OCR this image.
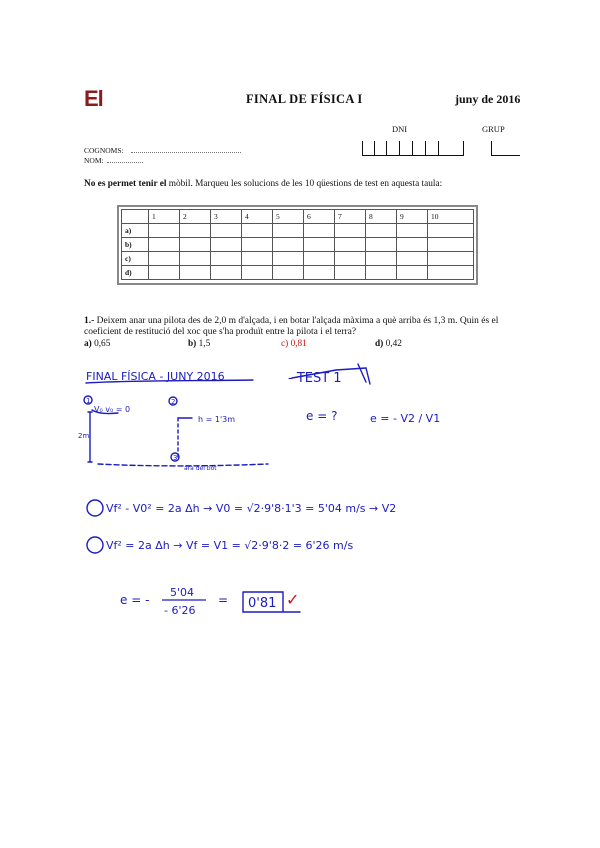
El	FINAL DE FÍSICA I	juny de 2016
DNI	GRUP
COGNOMS:
NOM:
No es permet tenir el mòbil. Marqueu les solucions de les 10 qüestions de test en aquesta taula:
	1	2	3	4	5	6	7	8	9	10
a)										
b)										
c)										
d)										
1.- Deixem anar una pilota des de 2,0 m d'alçada, i en botar l'alçada màxima a què arriba és 1,3 m. Quin és el coeficient de restitució del xoc que s'ha produït entre la pilota i el terra?
a) 0,65	b) 1,5	c) 0,81	d) 0,42
FINAL FÍSICA - JUNY 2016	- TEST 1
1	2
V₀ v₀ = 0
2m
h = 1'3m
3
ara del bot
e = ?	e = - V2 / V1
Vf² - V0² = 2a Δh → V0 = √2·9'8·1'3 = 5'04 m/s → V2
Vf² = 2a Δh → Vf = V1 = √2·9'8·2 = 6'26 m/s
e = -
5'04
- 6'26
= 0'81 ✓
